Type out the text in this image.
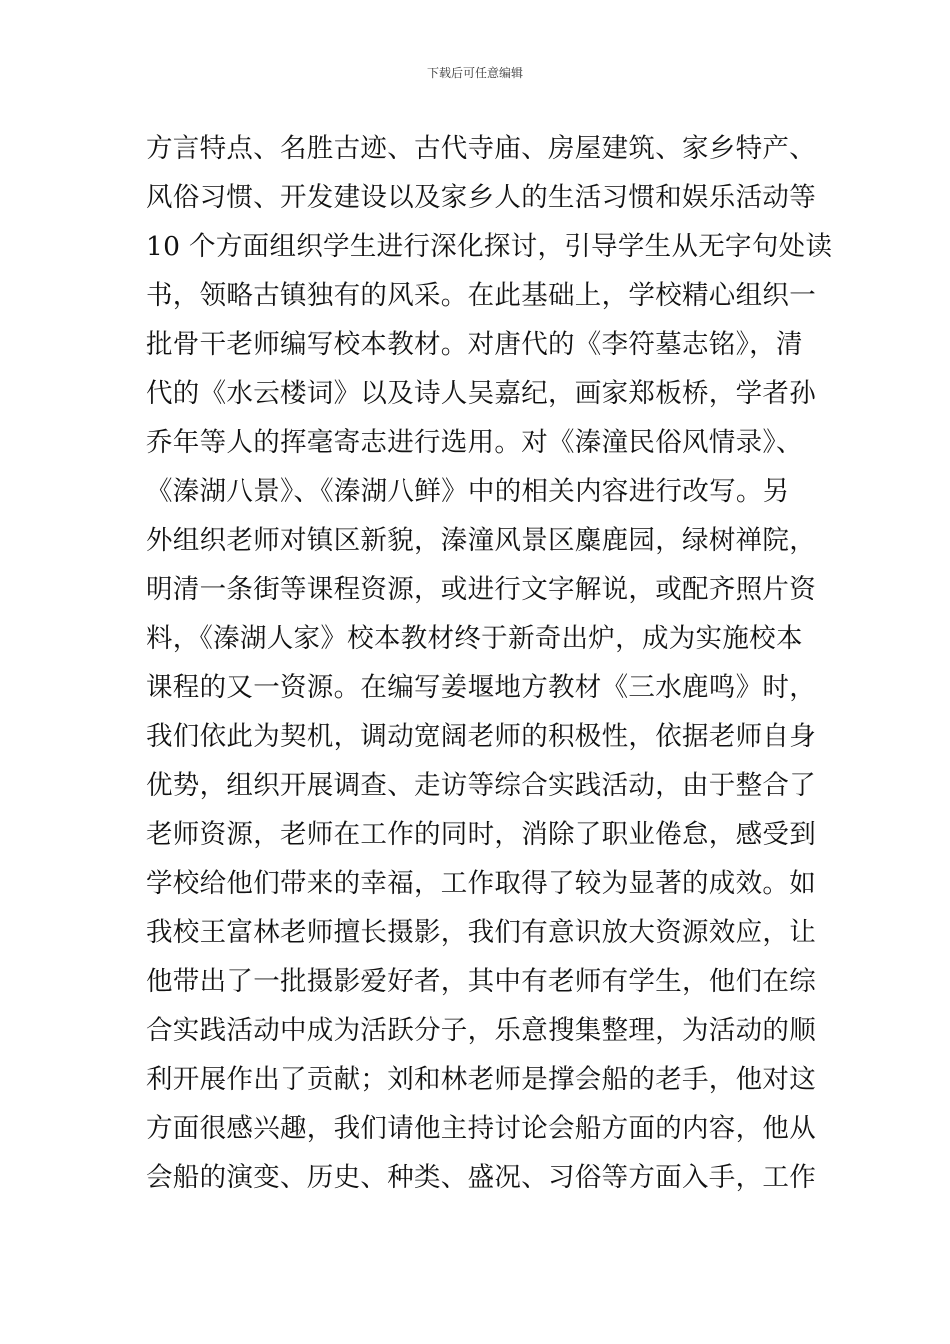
下载后可任意编辑
方言特点、名胜古迹、古代寺庙、房屋建筑、家乡特产、
风俗习惯、开发建设以及家乡人的生活习惯和娱乐活动等
10 个方面组织学生进行深化探讨，引导学生从无字句处读
书，领略古镇独有的风采。在此基础上，学校精心组织一
批骨干老师编写校本教材。对唐代的《李符墓志铭》，清
代的《水云楼词》以及诗人吴嘉纪，画家郑板桥，学者孙
乔年等人的挥毫寄志进行选用。对《溱潼民俗风情录》、
《溱湖八景》、《溱湖八鲜》中的相关内容进行改写。另
外组织老师对镇区新貌，溱潼风景区麋鹿园，绿树禅院，
明清一条街等课程资源，或进行文字解说，或配齐照片资
料，《溱湖人家》校本教材终于新奇出炉，成为实施校本
课程的又一资源。在编写姜堰地方教材《三水鹿鸣》时，
我们依此为契机，调动宽阔老师的积极性，依据老师自身
优势，组织开展调查、走访等综合实践活动，由于整合了
老师资源，老师在工作的同时，消除了职业倦怠，感受到
学校给他们带来的幸福，工作取得了较为显著的成效。如
我校王富林老师擅长摄影，我们有意识放大资源效应，让
他带出了一批摄影爱好者，其中有老师有学生，他们在综
合实践活动中成为活跃分子，乐意搜集整理，为活动的顺
利开展作出了贡献；刘和林老师是撑会船的老手，他对这
方面很感兴趣，我们请他主持讨论会船方面的内容，他从
会船的演变、历史、种类、盛况、习俗等方面入手，工作
